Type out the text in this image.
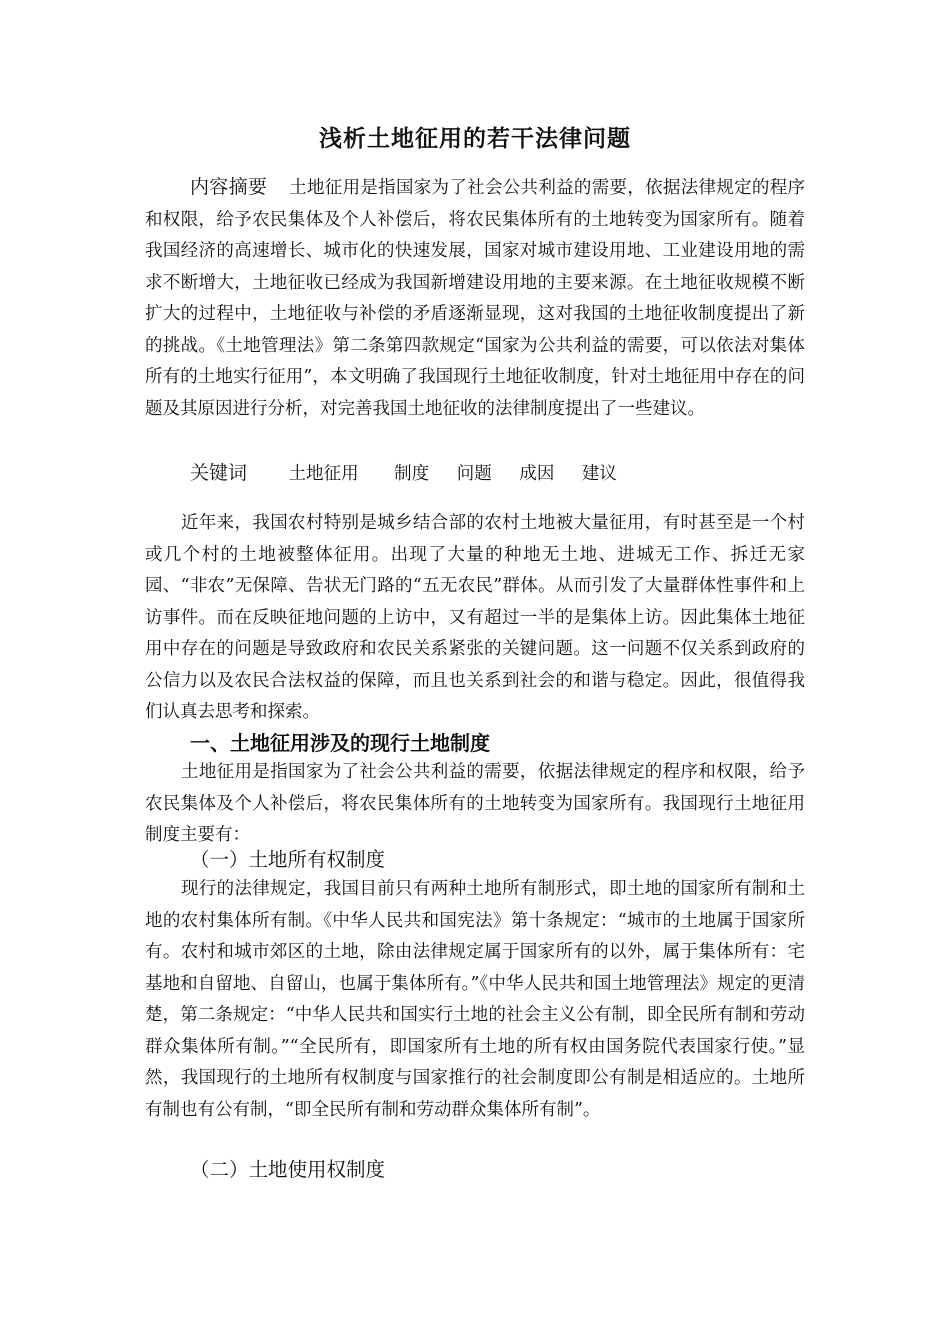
浅析土地征用的若干法律问题
内容摘要 土地征用是指国家为了社会公共利益的需要，依据法律规定的程序和权限，给予农民集体及个人补偿后，将农民集体所有的土地转变为国家所有。随着我国经济的高速增长、城市化的快速发展，国家对城市建设用地、工业建设用地的需求不断增大，土地征收已经成为我国新增建设用地的主要来源。在土地征收规模不断扩大的过程中，土地征收与补偿的矛盾逐渐显现，这对我国的土地征收制度提出了新的挑战。《土地管理法》第二条第四款规定“国家为公共利益的需要，可以依法对集体所有的土地实行征用”，本文明确了我国现行土地征收制度，针对土地征用中存在的问题及其原因进行分析，对完善我国土地征收的法律制度提出了一些建议。
关键词 土地征用 制度 问题 成因 建议
近年来，我国农村特别是城乡结合部的农村土地被大量征用，有时甚至是一个村或几个村的土地被整体征用。出现了大量的种地无土地、进城无工作、拆迁无家园、“非农”无保障、告状无门路的“五无农民”群体。从而引发了大量群体性事件和上访事件。而在反映征地问题的上访中，又有超过一半的是集体上访。因此集体土地征用中存在的问题是导致政府和农民关系紧张的关键问题。这一问题不仅关系到政府的公信力以及农民合法权益的保障，而且也关系到社会的和谐与稳定。因此，很值得我们认真去思考和探索。
一、土地征用涉及的现行土地制度
土地征用是指国家为了社会公共利益的需要，依据法律规定的程序和权限，给予农民集体及个人补偿后，将农民集体所有的土地转变为国家所有。我国现行土地征用制度主要有：
（一）土地所有权制度
现行的法律规定，我国目前只有两种土地所有制形式，即土地的国家所有制和土地的农村集体所有制。《中华人民共和国宪法》第十条规定：“城市的土地属于国家所有。农村和城市郊区的土地，除由法律规定属于国家所有的以外，属于集体所有：宅基地和自留地、自留山，也属于集体所有。”《中华人民共和国土地管理法》规定的更清楚，第二条规定：“中华人民共和国实行土地的社会主义公有制，即全民所有制和劳动群众集体所有制。”“全民所有，即国家所有土地的所有权由国务院代表国家行使。”显然，我国现行的土地所有权制度与国家推行的社会制度即公有制是相适应的。土地所有制也有公有制，“即全民所有制和劳动群众集体所有制”。
（二）土地使用权制度
